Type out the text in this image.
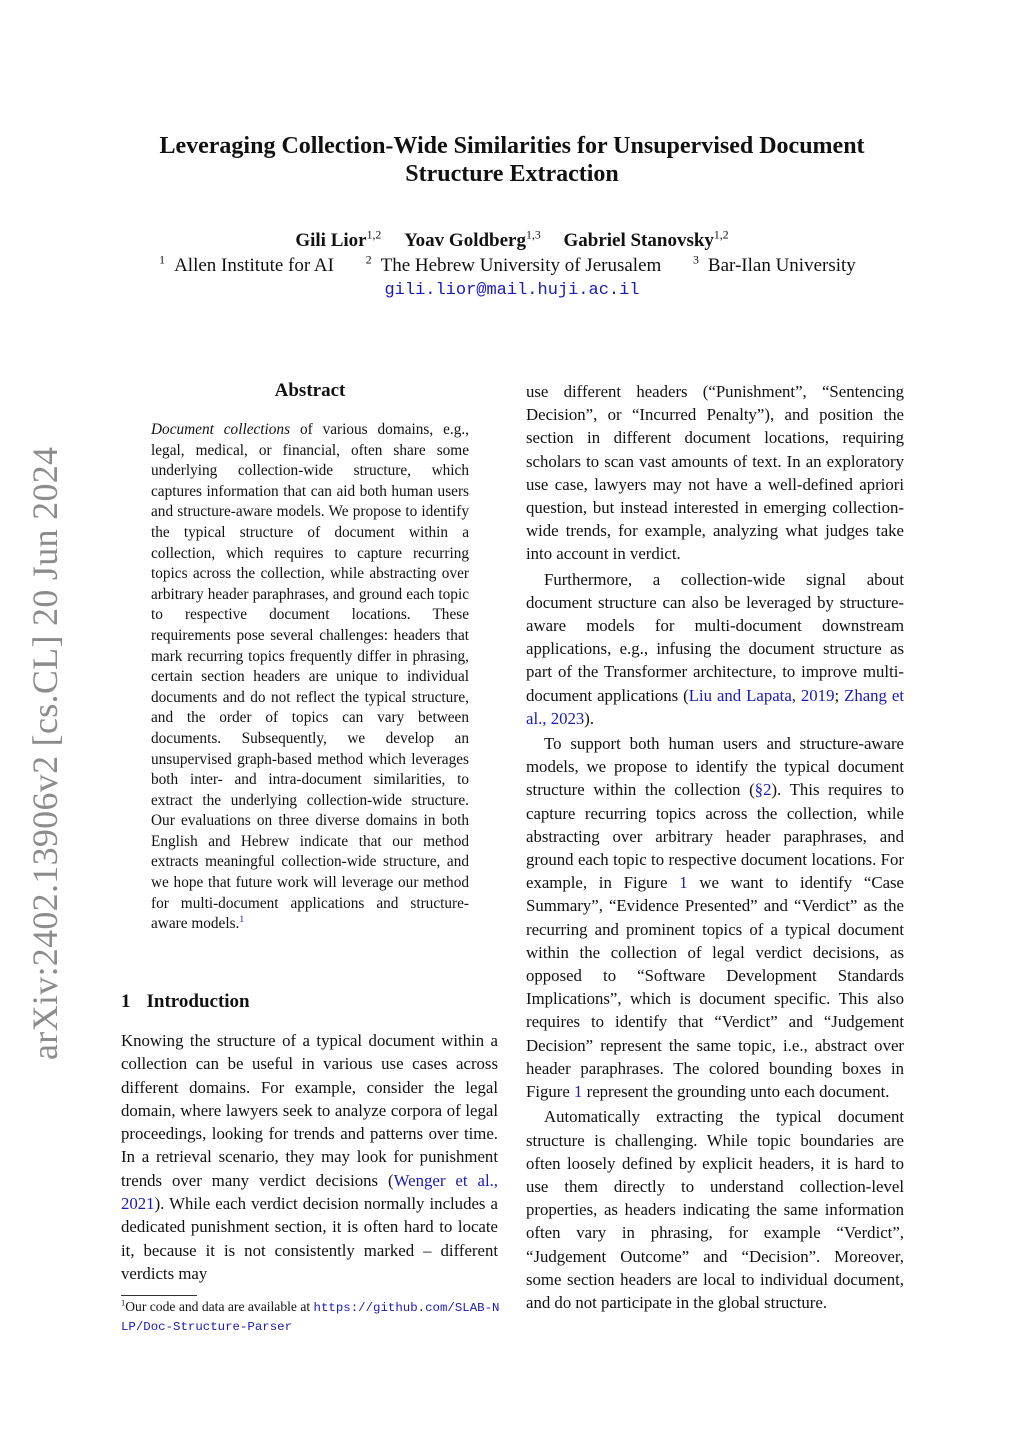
arXiv:2402.13906v2 [cs.CL] 20 Jun 2024
Leveraging Collection-Wide Similarities for Unsupervised Document
Structure Extraction
Gili Lior$^{1,2}$ Yoav Goldberg$^{1,3}$ Gabriel Stanovsky$^{1,2}$
$^1$ Allen Institute for AI	$^2$ The Hebrew University of Jerusalem	$^3$ Bar-Ilan University
gili.lior@mail.huji.ac.il
Abstract
Document collections of various domains, e.g., legal, medical, or financial, often share some underlying collection-wide structure, which captures information that can aid both human users and structure-aware models. We propose to identify the typical structure of document within a collection, which requires to capture recurring topics across the collection, while abstracting over arbitrary header paraphrases, and ground each topic to respective document locations. These requirements pose several challenges: headers that mark recurring topics frequently differ in phrasing, certain section headers are unique to individual documents and do not reflect the typical structure, and the order of topics can vary between documents. Subsequently, we develop an unsupervised graph-based method which leverages both inter- and intra-document similarities, to extract the underlying collection-wide structure. Our evaluations on three diverse domains in both English and Hebrew indicate that our method extracts meaningful collection-wide structure, and we hope that future work will leverage our method for multi-document applications and structure-aware models.$^1$
1 Introduction
Knowing the structure of a typical document within a collection can be useful in various use cases across different domains. For example, consider the legal domain, where lawyers seek to analyze corpora of legal proceedings, looking for trends and patterns over time. In a retrieval scenario, they may look for punishment trends over many verdict decisions (Wenger et al., 2021). While each verdict decision normally includes a dedicated punishment section, it is often hard to locate it, because it is not consistently marked – different verdicts may
$^1$Our code and data are available at https://github.com/SLAB-NLP/Doc-Structure-Parser

use different headers (“Punishment”, “Sentencing Decision”, or “Incurred Penalty”), and position the section in different document locations, requiring scholars to scan vast amounts of text. In an exploratory use case, lawyers may not have a well-defined apriori question, but instead interested in emerging collection-wide trends, for example, analyzing what judges take into account in verdict.

Furthermore, a collection-wide signal about document structure can also be leveraged by structure-aware models for multi-document downstream applications, e.g., infusing the document structure as part of the Transformer architecture, to improve multi-document applications (Liu and Lapata, 2019; Zhang et al., 2023).

To support both human users and structure-aware models, we propose to identify the typical document structure within the collection (§2). This requires to capture recurring topics across the collection, while abstracting over arbitrary header paraphrases, and ground each topic to respective document locations. For example, in Figure 1 we want to identify “Case Summary”, “Evidence Presented” and “Verdict” as the recurring and prominent topics of a typical document within the collection of legal verdict decisions, as opposed to “Software Development Standards Implications”, which is document specific. This also requires to identify that “Verdict” and “Judgement Decision” represent the same topic, i.e., abstract over header paraphrases. The colored bounding boxes in Figure 1 represent the grounding unto each document.

Automatically extracting the typical document structure is challenging. While topic boundaries are often loosely defined by explicit headers, it is hard to use them directly to understand collection-level properties, as headers indicating the same information often vary in phrasing, for example “Verdict”, “Judgement Outcome” and “Decision”. Moreover, some section headers are local to individual document, and do not participate in the global structure.
